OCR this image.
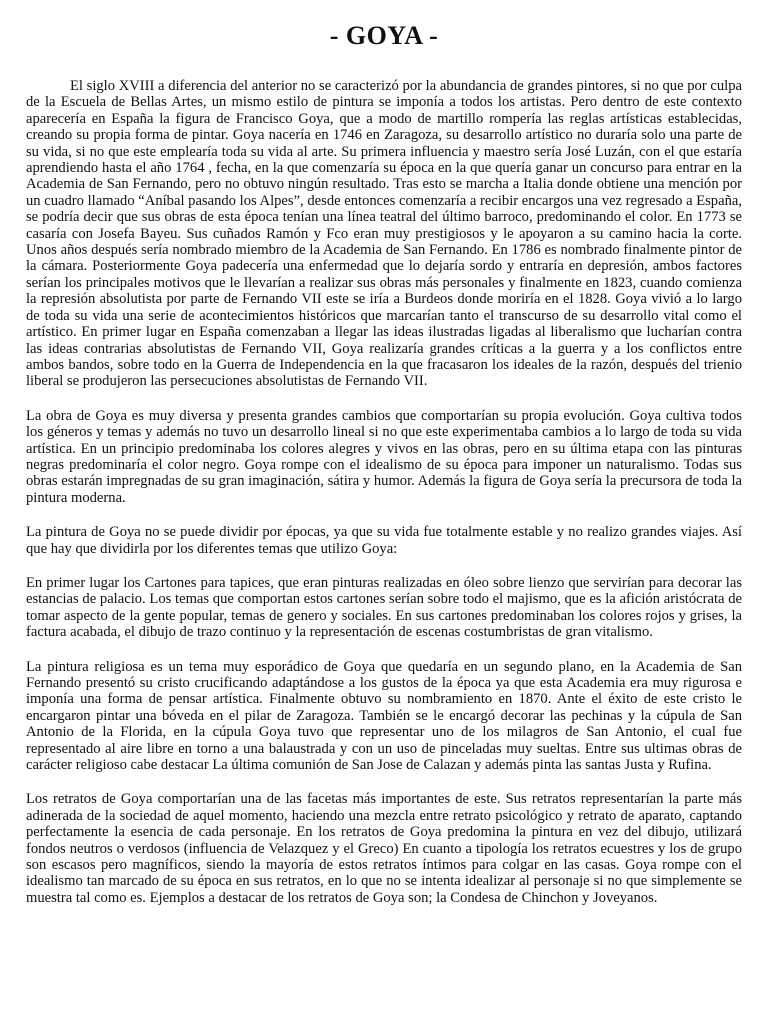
- GOYA -

El siglo XVIII a diferencia del anterior no se caracterizó por la abundancia de grandes pintores, si no que por culpa de la Escuela de Bellas Artes, un mismo estilo de pintura se imponía a todos los artistas. Pero dentro de este contexto aparecería en España la figura de Francisco Goya, que a modo de martillo rompería las reglas artísticas establecidas, creando su propia forma de pintar. Goya nacería en 1746 en Zaragoza, su desarrollo artístico no duraría solo una parte de su vida, si no que este emplearía toda su vida al arte. Su primera influencia y maestro sería José Luzán, con el que estaría aprendiendo hasta el año 1764 , fecha, en la que comenzaría su época en la que quería ganar un concurso para entrar en la Academia de San Fernando, pero no obtuvo ningún resultado. Tras esto se marcha a Italia donde obtiene una mención por un cuadro llamado “Aníbal pasando los Alpes”, desde entonces comenzaría a recibir encargos una vez regresado a España, se podría decir que sus obras de esta época tenían una línea teatral del último barroco, predominando el color. En 1773 se casaría con Josefa Bayeu. Sus cuñados Ramón y Fco eran muy prestigiosos y le apoyaron a su camino hacia la corte. Unos años después sería nombrado miembro de la Academia de San Fernando. En 1786 es nombrado finalmente pintor de la cámara. Posteriormente Goya padecería una enfermedad que lo dejaría sordo y entraría en depresión, ambos factores serían los principales motivos que le llevarían a realizar sus obras más personales y finalmente en 1823, cuando comienza la represión absolutista por parte de Fernando VII este se iría a Burdeos donde moriría en el 1828. Goya vivió a lo largo de toda su vida una serie de acontecimientos históricos que marcarían tanto el transcurso de su desarrollo vital como el artístico. En primer lugar en España comenzaban a llegar las ideas ilustradas ligadas al liberalismo que lucharían contra las ideas contrarias absolutistas de Fernando VII, Goya realizaría grandes críticas a la guerra y a los conflictos entre ambos bandos, sobre todo en la Guerra de Independencia en la que fracasaron los ideales de la razón, después del trienio liberal se produjeron las persecuciones absolutistas de Fernando VII.

La obra de Goya es muy diversa y presenta grandes cambios que comportarían su propia evolución. Goya cultiva todos los géneros y temas y además no tuvo un desarrollo lineal si no que este experimentaba cambios a lo largo de toda su vida artística. En un principio predominaba los colores alegres y vivos en las obras, pero en su última etapa con las pinturas negras predominaría el color negro. Goya rompe con el idealismo de su época para imponer un naturalismo. Todas sus obras estarán impregnadas de su gran imaginación, sátira y humor. Además la figura de Goya sería la precursora de toda la pintura moderna.

La pintura de Goya no se puede dividir por épocas, ya que su vida fue totalmente estable y no realizo grandes viajes. Así que hay que dividirla por los diferentes temas que utilizo Goya:

En primer lugar los Cartones para tapices, que eran pinturas realizadas en óleo sobre lienzo que servirían para decorar las estancias de palacio. Los temas que comportan estos cartones serían sobre todo el majismo, que es la afición aristócrata de tomar aspecto de la gente popular, temas de genero y sociales. En sus cartones predominaban los colores rojos y grises, la factura acabada, el dibujo de trazo continuo y la representación de escenas costumbristas de gran vitalismo.

La pintura religiosa es un tema muy esporádico de Goya que quedaría en un segundo plano, en la Academia de San Fernando presentó su cristo crucificando adaptándose a los gustos de la época ya que esta Academia era muy rigurosa e imponía una forma de pensar artística. Finalmente obtuvo su nombramiento en 1870. Ante el éxito de este cristo le encargaron pintar una bóveda en el pilar de Zaragoza. También se le encargó decorar las pechinas y la cúpula de San Antonio de la Florida, en la cúpula Goya tuvo que representar uno de los milagros de San Antonio, el cual fue representado al aire libre en torno a una balaustrada y con un uso de pinceladas muy sueltas. Entre sus ultimas obras de carácter religioso cabe destacar La última comunión de San Jose de Calazan y además pinta las santas Justa y Rufina.

Los retratos de Goya comportarían una de las facetas más importantes de este. Sus retratos representarían la parte más adinerada de la sociedad de aquel momento, haciendo una mezcla entre retrato psicológico y retrato de aparato, captando perfectamente la esencia de cada personaje. En los retratos de Goya predomina la pintura en vez del dibujo, utilizará fondos neutros o verdosos (influencia de Velazquez y el Greco) En cuanto a tipología los retratos ecuestres y los de grupo son escasos pero magníficos, siendo la mayoría de estos retratos íntimos para colgar en las casas. Goya rompe con el idealismo tan marcado de su época en sus retratos, en lo que no se intenta idealizar al personaje si no que simplemente se muestra tal como es. Ejemplos a destacar de los retratos de Goya son; la Condesa de Chinchon y Joveyanos.
